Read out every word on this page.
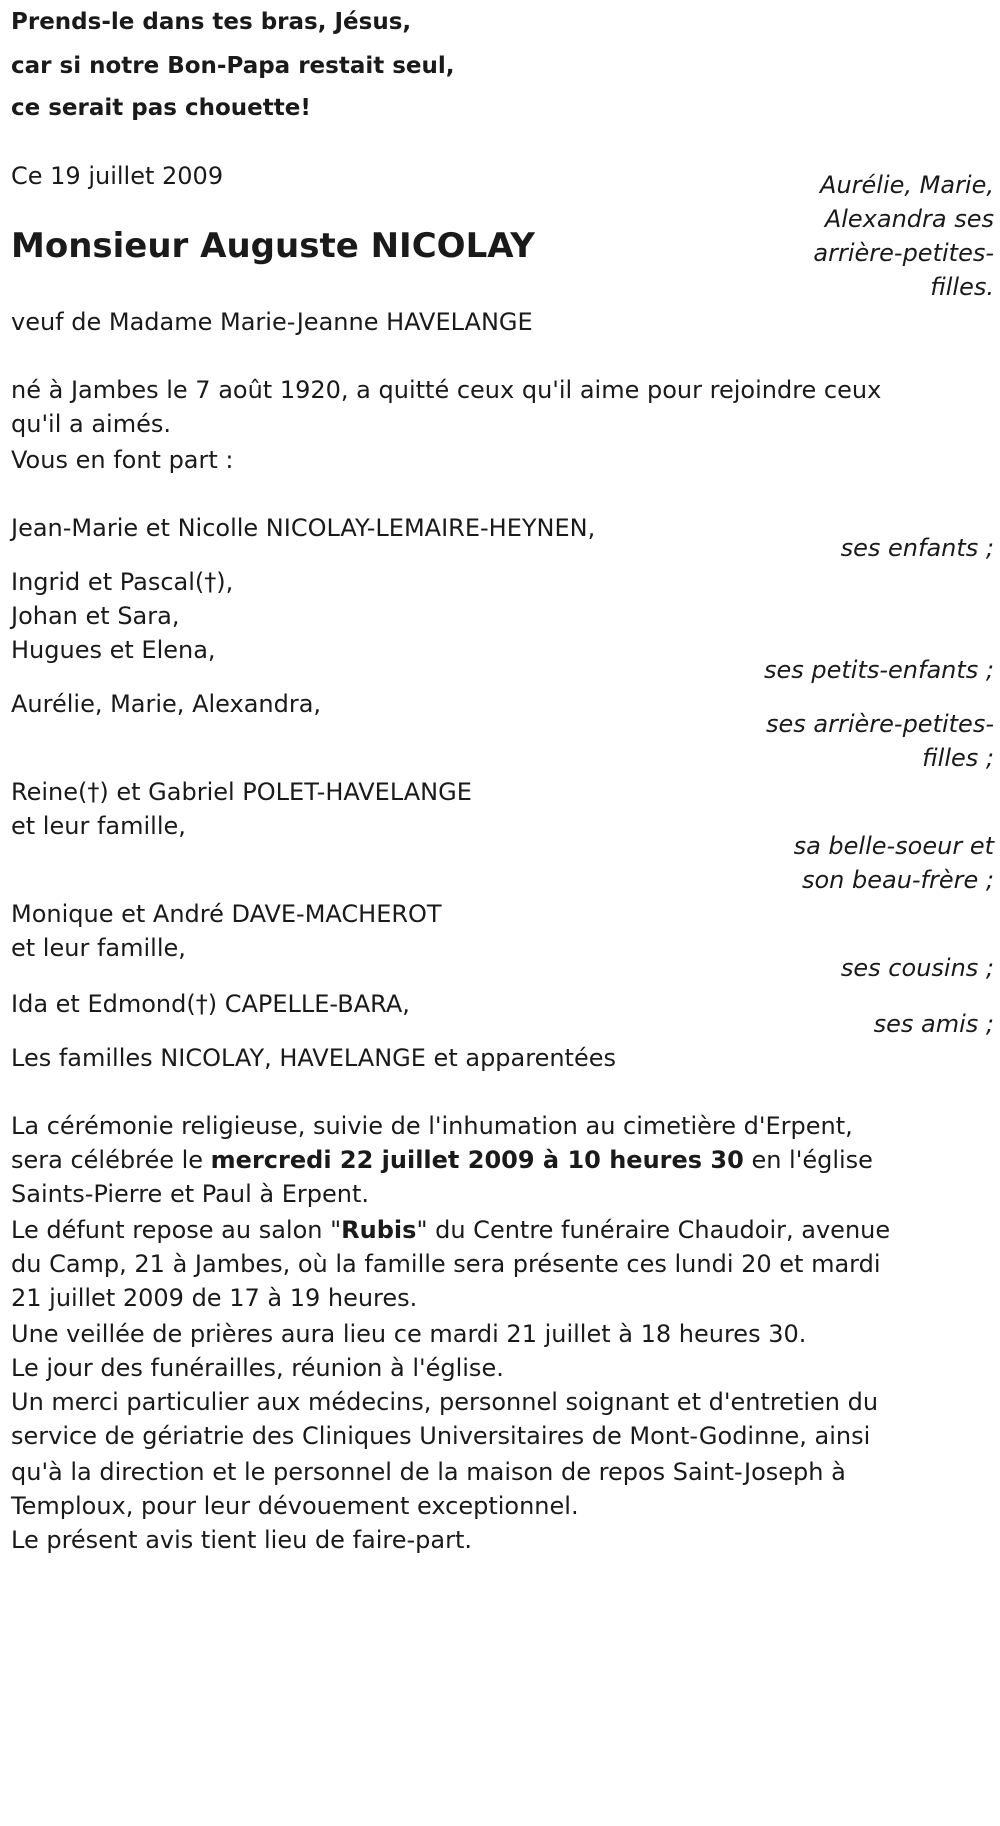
Prends-le dans tes bras, Jésus,
car si notre Bon-Papa restait seul,
ce serait pas chouette!
Ce 19 juillet 2009	Aurélie, Marie,
Alexandra ses
arrière-petites-
filles.
Monsieur Auguste NICOLAY
veuf de Madame Marie-Jeanne HAVELANGE
né à Jambes le 7 août 1920, a quitté ceux qu'il aime pour rejoindre ceux
qu'il a aimés.
Vous en font part :
Jean-Marie et Nicolle NICOLAY-LEMAIRE-HEYNEN,
ses enfants ;
Ingrid et Pascal(†),
Johan et Sara,
Hugues et Elena,
ses petits-enfants ;
Aurélie, Marie, Alexandra,
ses arrière-petites-
filles ;
Reine(†) et Gabriel POLET-HAVELANGE
et leur famille,
sa belle-soeur et
son beau-frère ;
Monique et André DAVE-MACHEROT
et leur famille,
ses cousins ;
Ida et Edmond(†) CAPELLE-BARA,
ses amis ;
Les familles NICOLAY, HAVELANGE et apparentées
La cérémonie religieuse, suivie de l'inhumation au cimetière d'Erpent,
sera célébrée le mercredi 22 juillet 2009 à 10 heures 30 en l'église
Saints-Pierre et Paul à Erpent.
Le défunt repose au salon "Rubis" du Centre funéraire Chaudoir, avenue
du Camp, 21 à Jambes, où la famille sera présente ces lundi 20 et mardi
21 juillet 2009 de 17 à 19 heures.
Une veillée de prières aura lieu ce mardi 21 juillet à 18 heures 30.
Le jour des funérailles, réunion à l'église.
Un merci particulier aux médecins, personnel soignant et d'entretien du
service de gériatrie des Cliniques Universitaires de Mont-Godinne, ainsi
qu'à la direction et le personnel de la maison de repos Saint-Joseph à
Temploux, pour leur dévouement exceptionnel.
Le présent avis tient lieu de faire-part.
